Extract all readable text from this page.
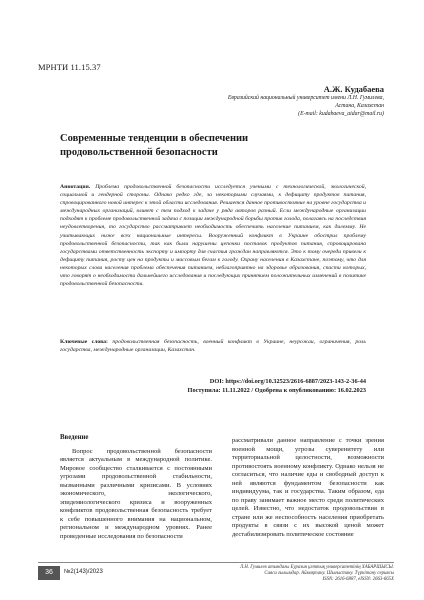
МРНТИ 11.15.37
А.Ж. Кудабаева
Евразийский национальный университет имени Л.Н. Гумилева,
Астана, Казахстан
(E-mail: kudabaeva_aidar@mail.ru)
Современные тенденции в обеспечении продовольственной безопасности
Аннотация. Проблема продовольственной безопасности исследуется учеными с технологической, экологической, социальной и гендерной стороны. Однако редко где, за некоторыми случаями, к дефициту продуктов питания, спровоцированного новой интерес к этой области исследования. Решается данное противостояние на уровне государства и международных организаций, влияет с тем подход к задаче у ряда авторов разный. Если международные организации подходят к проблеме продовольственной задача с позиции международной борьбы против голода, полагаясь на последствия неудовлетворения, то государство рассматривает необходимость обеспечить население питанием, как дилемму. Не учитывающих ниже всех национальные интересы. Вооруженный конфликт в Украине обострил проблему продовольственной безопасности, так как были нарушены цепочки поставок продуктов питания, спровоцирована государствами ответственность экспорту и импорту для счастья граждан направляются. Это к тому очереди привели к дефициту питания, росту цен на продукты и массовым бегам к голоду. Охрану населения в Казахстане, поэтому, что для некоторых слова населения проблема обеспечения питанием, неблагоприятно на здоровье образования, спасти которых, что говорят о необходимости дальнейшего исследования и последующих принятием положительных изменений в политике продовольственной безопасности.
Ключевые слова: продовольственная безопасность, военный конфликт в Украине, неурожаи, ограничения, роль государства, международные организации, Казахстан.
DOI: https://doi.org/10.32523/2616-6887/2023-143-2-36-44
Поступила: 11.11.2022 / Одобрена к опубликованию: 16.02.2023
Введение
Вопрос продовольственной безопасности является актуальным в международной политике. Мировое сообщество сталкивается с постоянными угрозами продовольственной стабильности, вызванными различными кризисами. В условиях экономического, экологического, эпидемиологического кризиса и вооруженных конфликтов продовольственная безопасность требует к себе повышенного внимания на национальном, региональном и международном уровнях. Ранее проведенные исследования по безопасности
рассматривали данное направление с точки зрения военной мощи, угрозы суверенитету или территориальной целостности, возможности противостоять военному конфликту. Однако нельзя не согласиться, что наличие еды и свободный доступ к ней являются фундаментом безопасности как индивидуума, так и государства. Таким образом, еда по праву занимает важное место среди политических целей. Известно, что недостаток продовольствия в стране или же неспособность населения приобретать продукты в связи с их высокой ценой может дестабилизировать политическое состояние
36	№2(143)/2023
Л.Н. Гумилев атындағы Еуразия ұлттық университетінің ХАБАРШЫСЫ.
Саяси ғылымдар. Аймақтану. Шығыстану. Түркітану сериясы
ISSN: 2616-6887, eISSN: 2663-665X
